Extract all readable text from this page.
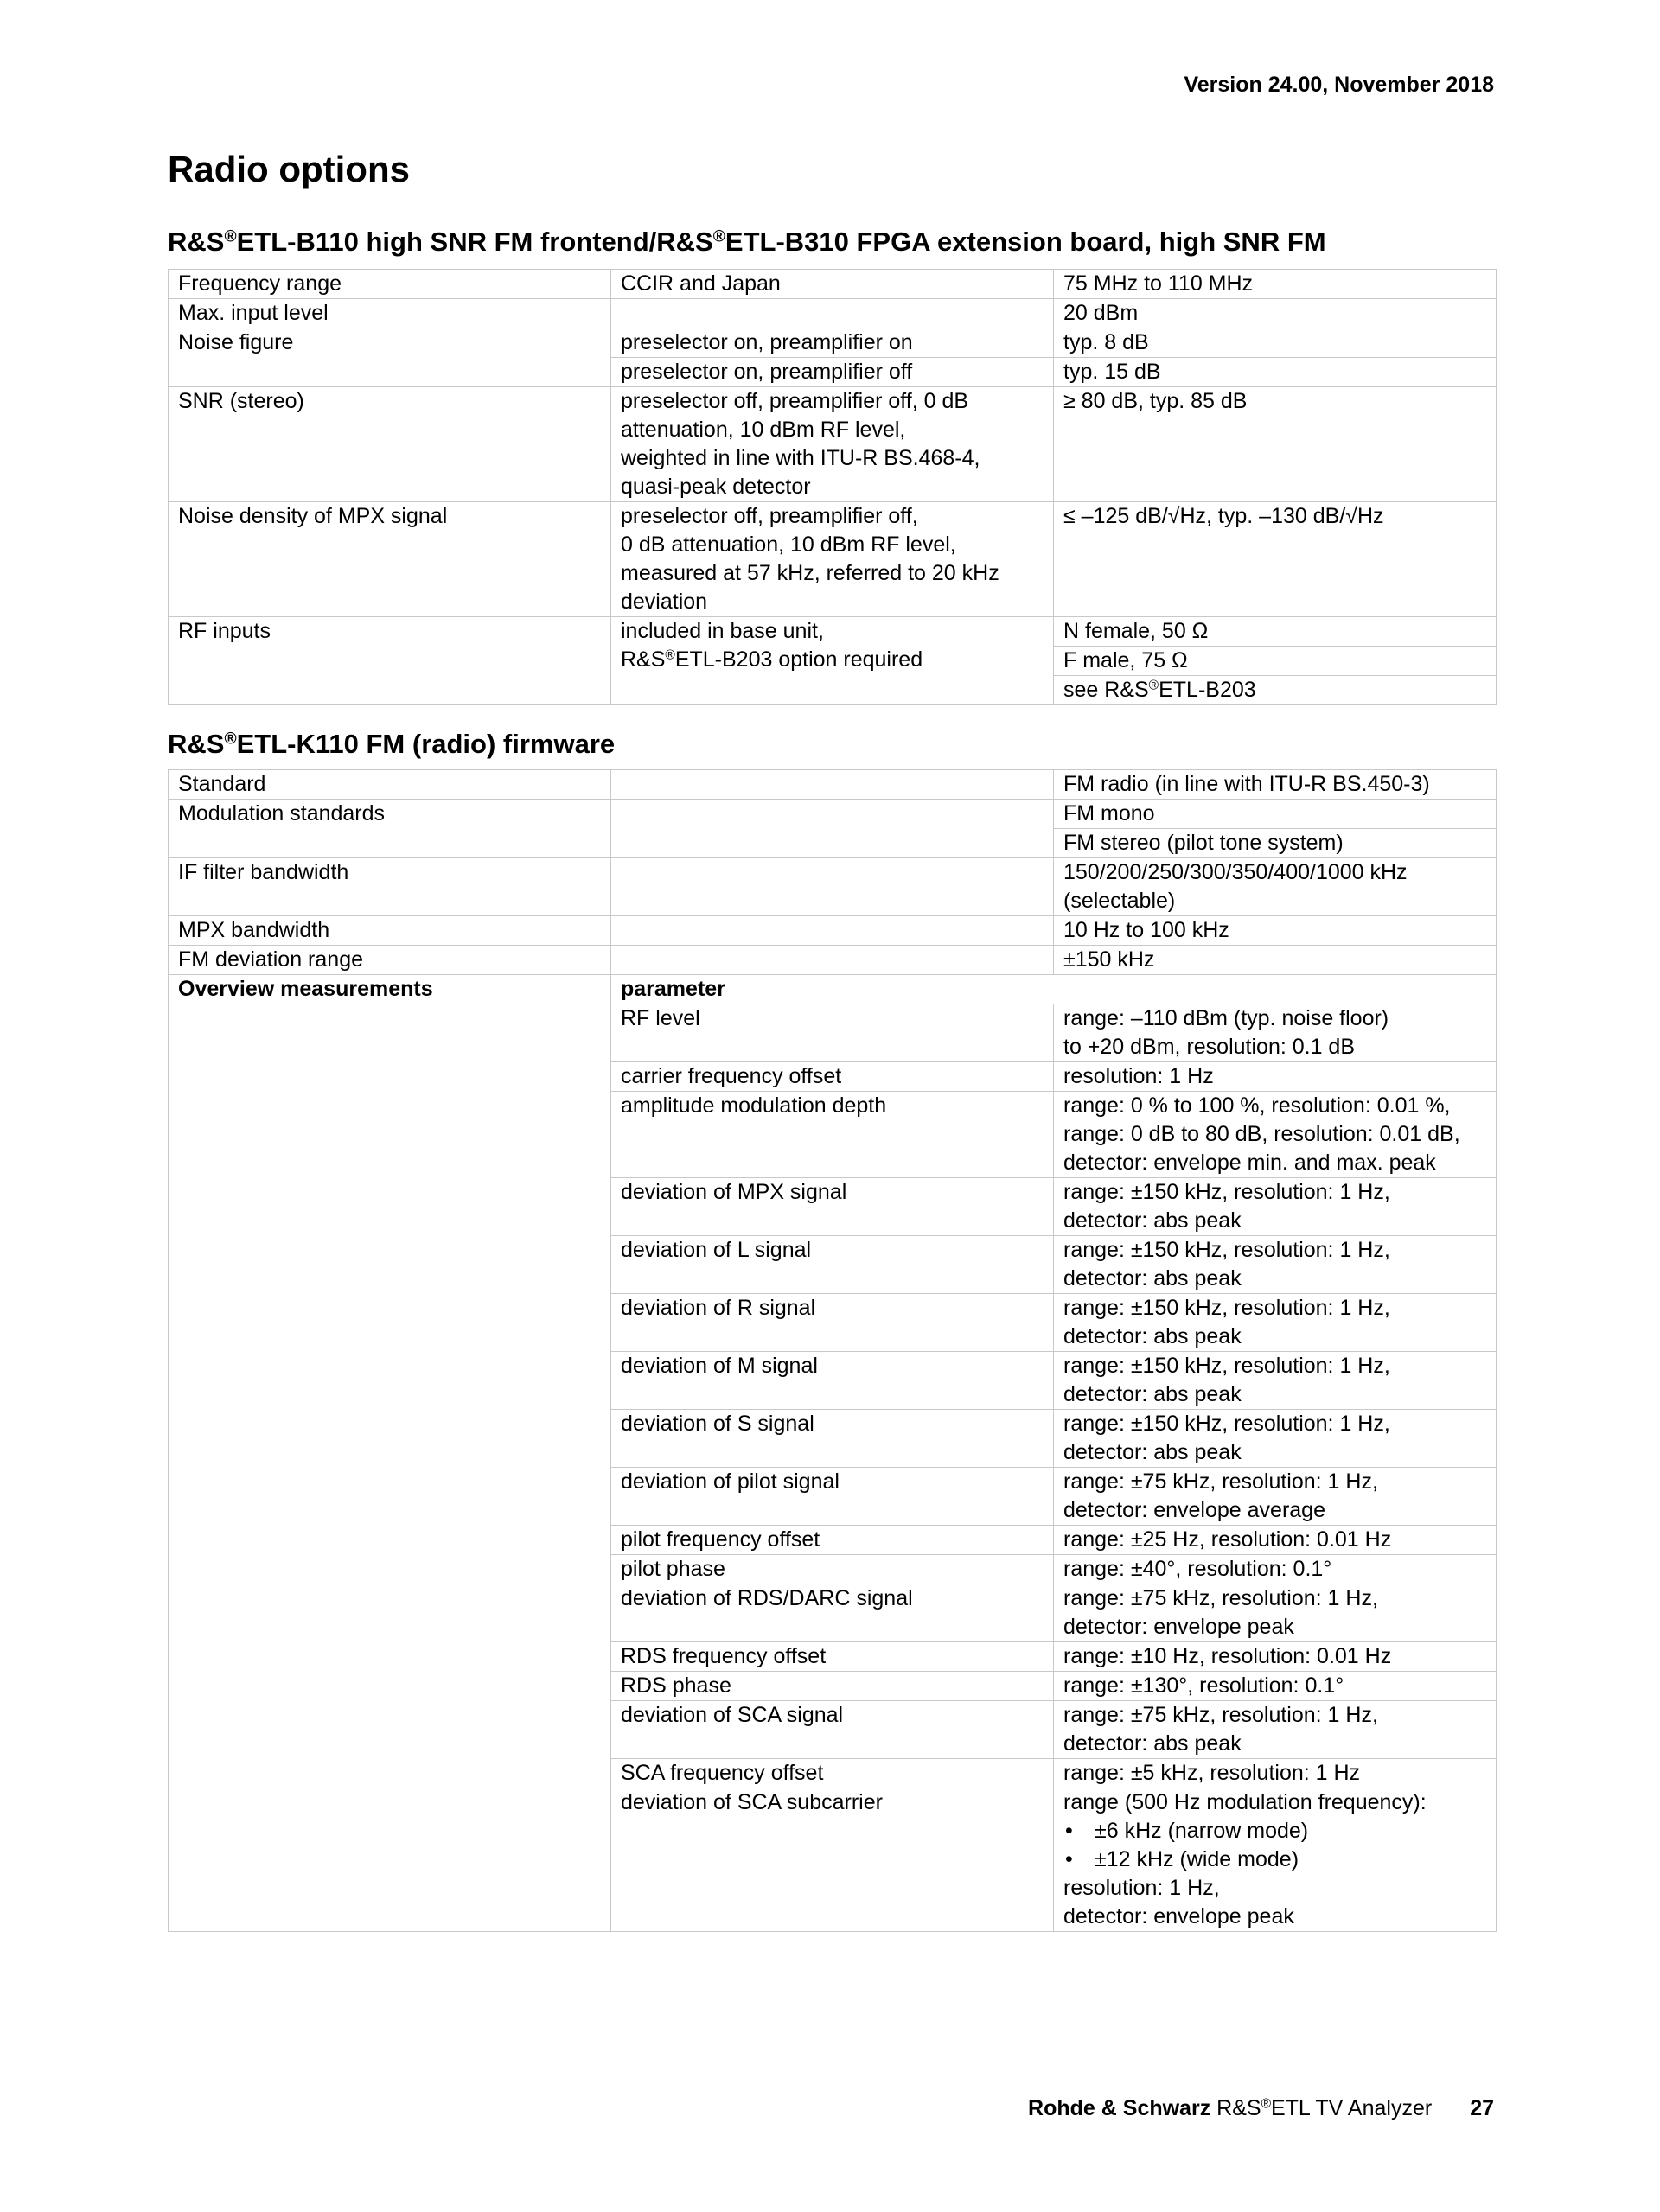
Version 24.00, November 2018
Radio options
R&S®ETL-B110 high SNR FM frontend/R&S®ETL-B310 FPGA extension board, high SNR FM
Frequency range	CCIR and Japan	75 MHz to 110 MHz
Max. input level		20 dBm
Noise figure	preselector on, preamplifier on	typ. 8 dB
	preselector on, preamplifier off	typ. 15 dB
SNR (stereo)	preselector off, preamplifier off, 0 dB
attenuation, 10 dBm RF level,
weighted in line with ITU-R BS.468-4,
quasi-peak detector	≥ 80 dB, typ. 85 dB
Noise density of MPX signal	preselector off, preamplifier off,
0 dB attenuation, 10 dBm RF level,
measured at 57 kHz, referred to 20 kHz
deviation	≤ –125 dB/√Hz, typ. –130 dB/√Hz
RF inputs	included in base unit,
R&S®ETL-B203 option required	N female, 50 Ω
		F male, 75 Ω
		see R&S®ETL-B203
R&S®ETL-K110 FM (radio) firmware
Standard		FM radio (in line with ITU-R BS.450-3)
Modulation standards		FM mono
		FM stereo (pilot tone system)
IF filter bandwidth		150/200/250/300/350/400/1000 kHz
(selectable)

MPX bandwidth		10 Hz to 100 kHz
FM deviation range		±150 kHz
Overview measurements	parameter	
	RF level	range: –110 dBm (typ. noise floor)
to +20 dBm, resolution: 0.1 dB

	carrier frequency offset	resolution: 1 Hz

	amplitude modulation depth	range: 0 % to 100 %, resolution: 0.01 %,
range: 0 dB to 80 dB, resolution: 0.01 dB,
detector: envelope min. and max. peak

	deviation of MPX signal	range: ±150 kHz, resolution: 1 Hz,
detector: abs peak

	deviation of L signal	range: ±150 kHz, resolution: 1 Hz,
detector: abs peak

	deviation of R signal	range: ±150 kHz, resolution: 1 Hz,
detector: abs peak

	deviation of M signal	range: ±150 kHz, resolution: 1 Hz,
detector: abs peak

	deviation of S signal	range: ±150 kHz, resolution: 1 Hz,
detector: abs peak

	deviation of pilot signal	range: ±75 kHz, resolution: 1 Hz,
detector: envelope average

	pilot frequency offset	range: ±25 Hz, resolution: 0.01 Hz

	pilot phase	range: ±40°, resolution: 0.1°

	deviation of RDS/DARC signal	range: ±75 kHz, resolution: 1 Hz,
detector: envelope peak

	RDS frequency offset	range: ±10 Hz, resolution: 0.01 Hz

	RDS phase	range: ±130°, resolution: 0.1°

	deviation of SCA signal	range: ±75 kHz, resolution: 1 Hz,
detector: abs peak

	SCA frequency offset	range: ±5 kHz, resolution: 1 Hz

	deviation of SCA subcarrier	range (500 Hz modulation frequency):
• ±6 kHz (narrow mode)
• ±12 kHz (wide mode)
resolution: 1 Hz,
detector: envelope peak
Rohde & Schwarz R&S®ETL TV Analyzer 27
